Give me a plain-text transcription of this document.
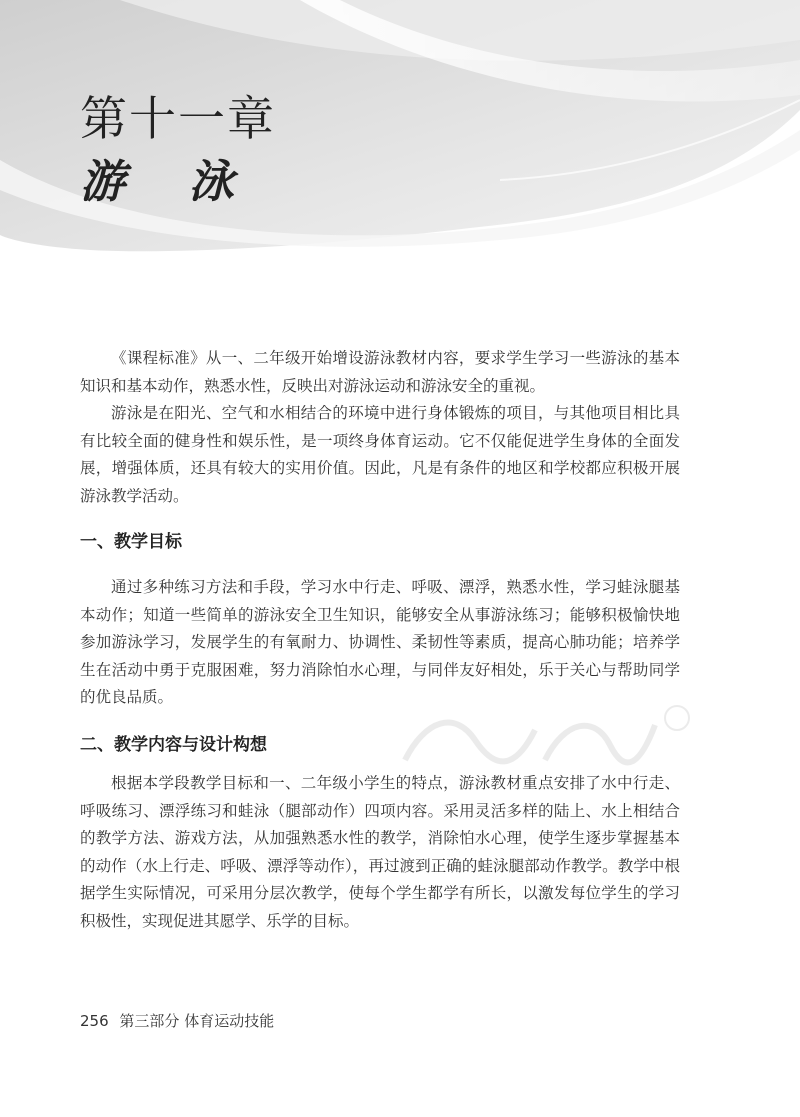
第十一章
游 泳

《课程标准》从一、二年级开始增设游泳教材内容，要求学生学习一些游泳的基本知识和基本动作，熟悉水性，反映出对游泳运动和游泳安全的重视。

游泳是在阳光、空气和水相结合的环境中进行身体锻炼的项目，与其他项目相比具有比较全面的健身性和娱乐性，是一项终身体育运动。它不仅能促进学生身体的全面发展，增强体质，还具有较大的实用价值。因此，凡是有条件的地区和学校都应积极开展游泳教学活动。

一、教学目标

通过多种练习方法和手段，学习水中行走、呼吸、漂浮，熟悉水性，学习蛙泳腿基本动作；知道一些简单的游泳安全卫生知识，能够安全从事游泳练习；能够积极愉快地参加游泳学习，发展学生的有氧耐力、协调性、柔韧性等素质，提高心肺功能；培养学生在活动中勇于克服困难，努力消除怕水心理，与同伴友好相处，乐于关心与帮助同学的优良品质。

二、教学内容与设计构想

根据本学段教学目标和一、二年级小学生的特点，游泳教材重点安排了水中行走、呼吸练习、漂浮练习和蛙泳（腿部动作）四项内容。采用灵活多样的陆上、水上相结合的教学方法、游戏方法，从加强熟悉水性的教学，消除怕水心理，使学生逐步掌握基本的动作（水上行走、呼吸、漂浮等动作），再过渡到正确的蛙泳腿部动作教学。教学中根据学生实际情况，可采用分层次教学，使每个学生都学有所长，以激发每位学生的学习积极性，实现促进其愿学、乐学的目标。

256 第三部分 体育运动技能
